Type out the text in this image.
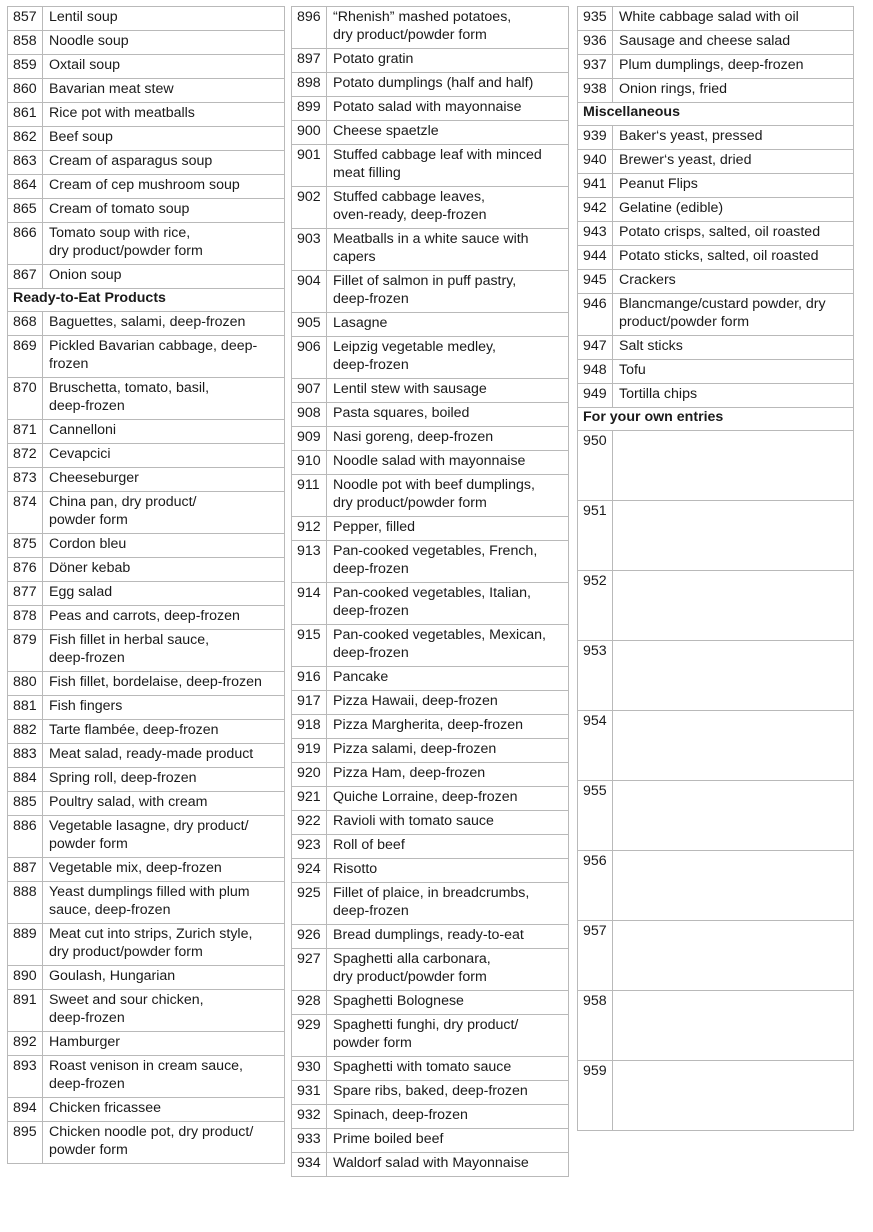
857	Lentil soup
858	Noodle soup
859	Oxtail soup
860	Bavarian meat stew
861	Rice pot with meatballs
862	Beef soup
863	Cream of asparagus soup
864	Cream of cep mushroom soup
865	Cream of tomato soup
866	Tomato soup with rice,
dry product/powder form
867	Onion soup
Ready-to-Eat Products	
868	Baguettes, salami, deep-frozen
869	Pickled Bavarian cabbage, deep-
frozen
870	Bruschetta, tomato, basil,
deep-frozen
871	Cannelloni
872	Cevapcici
873	Cheeseburger
874	China pan, dry product/
powder form
875	Cordon bleu
876	Döner kebab
877	Egg salad
878	Peas and carrots, deep-frozen
879	Fish fillet in herbal sauce,
deep-frozen
880	Fish fillet, bordelaise, deep-frozen
881	Fish fingers
882	Tarte flambée, deep-frozen
883	Meat salad, ready-made product
884	Spring roll, deep-frozen
885	Poultry salad, with cream
886	Vegetable lasagne, dry product/
powder form
887	Vegetable mix, deep-frozen
888	Yeast dumplings filled with plum
sauce, deep-frozen
889	Meat cut into strips, Zurich style,
dry product/powder form
890	Goulash, Hungarian
891	Sweet and sour chicken,
deep-frozen
892	Hamburger
893	Roast venison in cream sauce,
deep-frozen
894	Chicken fricassee
895	Chicken noodle pot, dry product/
powder form
896	“Rhenish” mashed potatoes,
dry product/powder form
897	Potato gratin
898	Potato dumplings (half and half)
899	Potato salad with mayonnaise
900	Cheese spaetzle
901	Stuffed cabbage leaf with minced
meat filling
902	Stuffed cabbage leaves,
oven-ready, deep-frozen
903	Meatballs in a white sauce with
capers
904	Fillet of salmon in puff pastry,
deep-frozen
905	Lasagne
906	Leipzig vegetable medley,
deep-frozen
907	Lentil stew with sausage
908	Pasta squares, boiled
909	Nasi goreng, deep-frozen
910	Noodle salad with mayonnaise
911	Noodle pot with beef dumplings,
dry product/powder form
912	Pepper, filled
913	Pan-cooked vegetables, French,
deep-frozen
914	Pan-cooked vegetables, Italian,
deep-frozen
915	Pan-cooked vegetables, Mexican,
deep-frozen
916	Pancake
917	Pizza Hawaii, deep-frozen
918	Pizza Margherita, deep-frozen
919	Pizza salami, deep-frozen
920	Pizza Ham, deep-frozen
921	Quiche Lorraine, deep-frozen
922	Ravioli with tomato sauce
923	Roll of beef
924	Risotto
925	Fillet of plaice, in breadcrumbs,
deep-frozen
926	Bread dumplings, ready-to-eat
927	Spaghetti alla carbonara,
dry product/powder form
928	Spaghetti Bolognese
929	Spaghetti funghi, dry product/
powder form
930	Spaghetti with tomato sauce
931	Spare ribs, baked, deep-frozen
932	Spinach, deep-frozen
933	Prime boiled beef
934	Waldorf salad with Mayonnaise
935	White cabbage salad with oil
936	Sausage and cheese salad
937	Plum dumplings, deep-frozen
938	Onion rings, fried
Miscellaneous	
939	Baker‘s yeast, pressed
940	Brewer‘s yeast, dried
941	Peanut Flips
942	Gelatine (edible)
943	Potato crisps, salted, oil roasted
944	Potato sticks, salted, oil roasted
945	Crackers
946	Blancmange/custard powder, dry
product/powder form
947	Salt sticks
948	Tofu
949	Tortilla chips
For your own entries	
950	
951	
952	
953	
954	
955	
956	
957	
958	
959	
